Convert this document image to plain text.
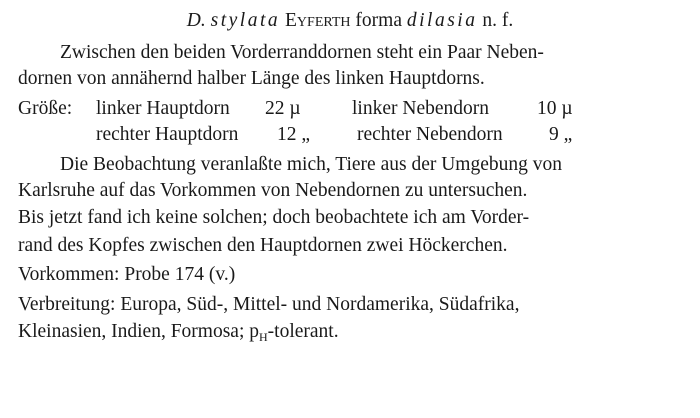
D. stylata Eyferth forma dilasia n. f.
Zwischen den beiden Vorderranddornen steht ein Paar Neben-
dornen von annähernd halber Länge des linken Hauptdorns.
Größe: linker Hauptdorn 22 µ	linker Nebendorn 10 µ
rechter Hauptdorn 12 „ rechter Nebendorn 9 „
Die Beobachtung veranlaßte mich, Tiere aus der Umgebung von
Karlsruhe auf das Vorkommen von Nebendornen zu untersuchen.
Bis jetzt fand ich keine solchen; doch beobachtete ich am Vorder-
rand des Kopfes zwischen den Hauptdornen zwei Höckerchen.
Vorkommen: Probe 174 (v.)
Verbreitung: Europa, Süd-, Mittel- und Nordamerika, Südafrika,
Kleinasien, Indien, Formosa; $p_H$-tolerant.
